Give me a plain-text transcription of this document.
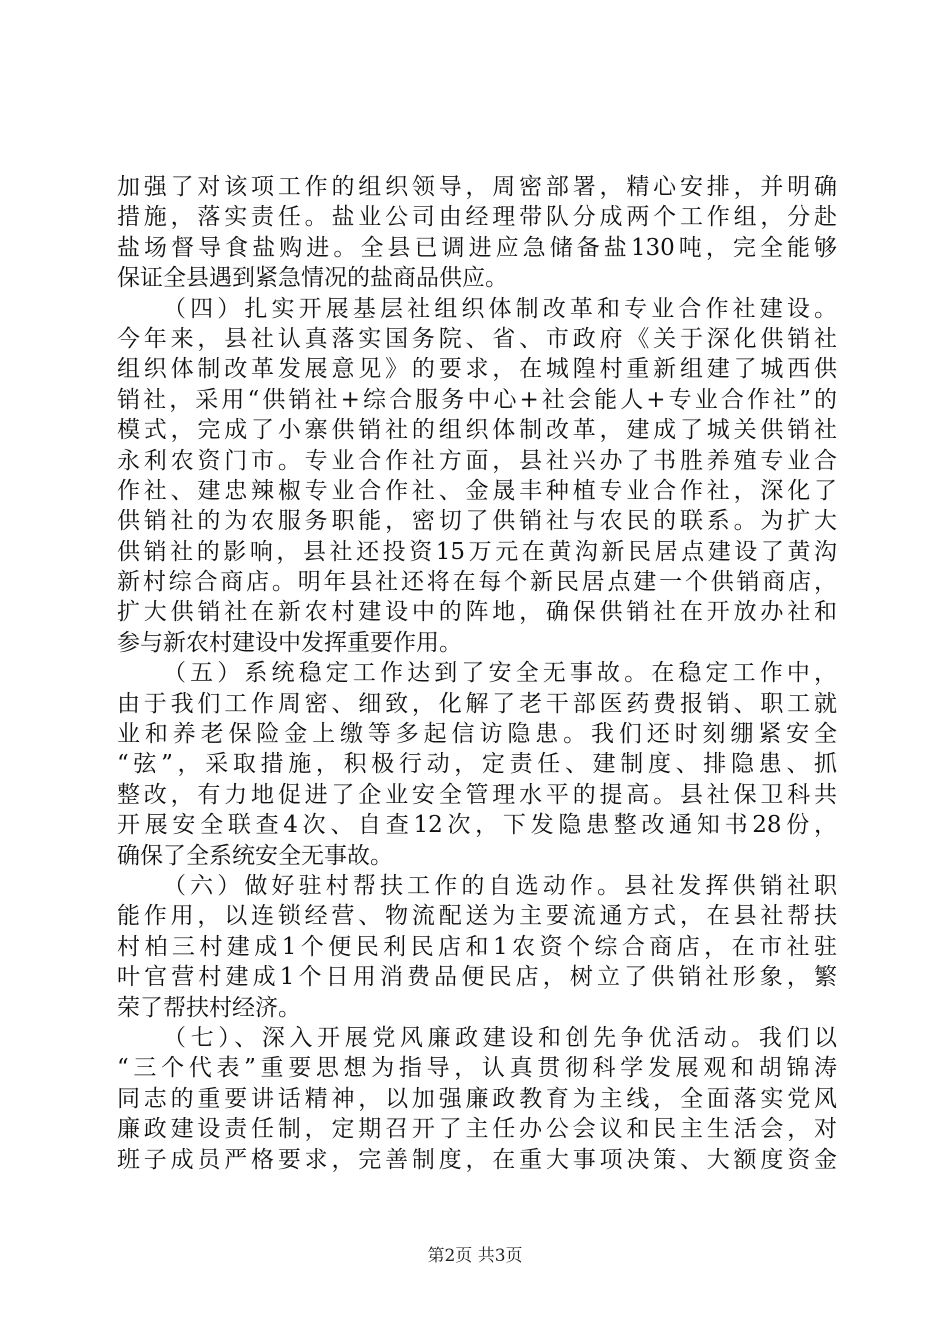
加强了对该项工作的组织领导，周密部署，精心安排，并明确
措施，落实责任。盐业公司由经理带队分成两个工作组，分赴
盐场督导食盐购进。全县已调进应急储备盐130吨，完全能够
保证全县遇到紧急情况的盐商品供应。
（四）扎实开展基层社组织体制改革和专业合作社建设。
今年来，县社认真落实国务院、省、市政府《关于深化供销社
组织体制改革发展意见》的要求，在城隍村重新组建了城西供
销社，采用“供销社+综合服务中心+社会能人+专业合作社”的
模式，完成了小寨供销社的组织体制改革，建成了城关供销社
永利农资门市。专业合作社方面，县社兴办了书胜养殖专业合
作社、建忠辣椒专业合作社、金晟丰种植专业合作社，深化了
供销社的为农服务职能，密切了供销社与农民的联系。为扩大
供销社的影响，县社还投资15万元在黄沟新民居点建设了黄沟
新村综合商店。明年县社还将在每个新民居点建一个供销商店，
扩大供销社在新农村建设中的阵地，确保供销社在开放办社和
参与新农村建设中发挥重要作用。
（五）系统稳定工作达到了安全无事故。在稳定工作中，
由于我们工作周密、细致，化解了老干部医药费报销、职工就
业和养老保险金上缴等多起信访隐患。我们还时刻绷紧安全
“弦”，采取措施，积极行动，定责任、建制度、排隐患、抓
整改，有力地促进了企业安全管理水平的提高。县社保卫科共
开展安全联查4次、自查12次，下发隐患整改通知书28份，
确保了全系统安全无事故。
（六）做好驻村帮扶工作的自选动作。县社发挥供销社职
能作用，以连锁经营、物流配送为主要流通方式，在县社帮扶
村柏三村建成1个便民利民店和1农资个综合商店，在市社驻
叶官营村建成1个日用消费品便民店，树立了供销社形象，繁
荣了帮扶村经济。
（七）、深入开展党风廉政建设和创先争优活动。我们以
“三个代表”重要思想为指导，认真贯彻科学发展观和胡锦涛
同志的重要讲话精神，以加强廉政教育为主线，全面落实党风
廉政建设责任制，定期召开了主任办公会议和民主生活会，对
班子成员严格要求，完善制度，在重大事项决策、大额度资金
第2页 共3页
